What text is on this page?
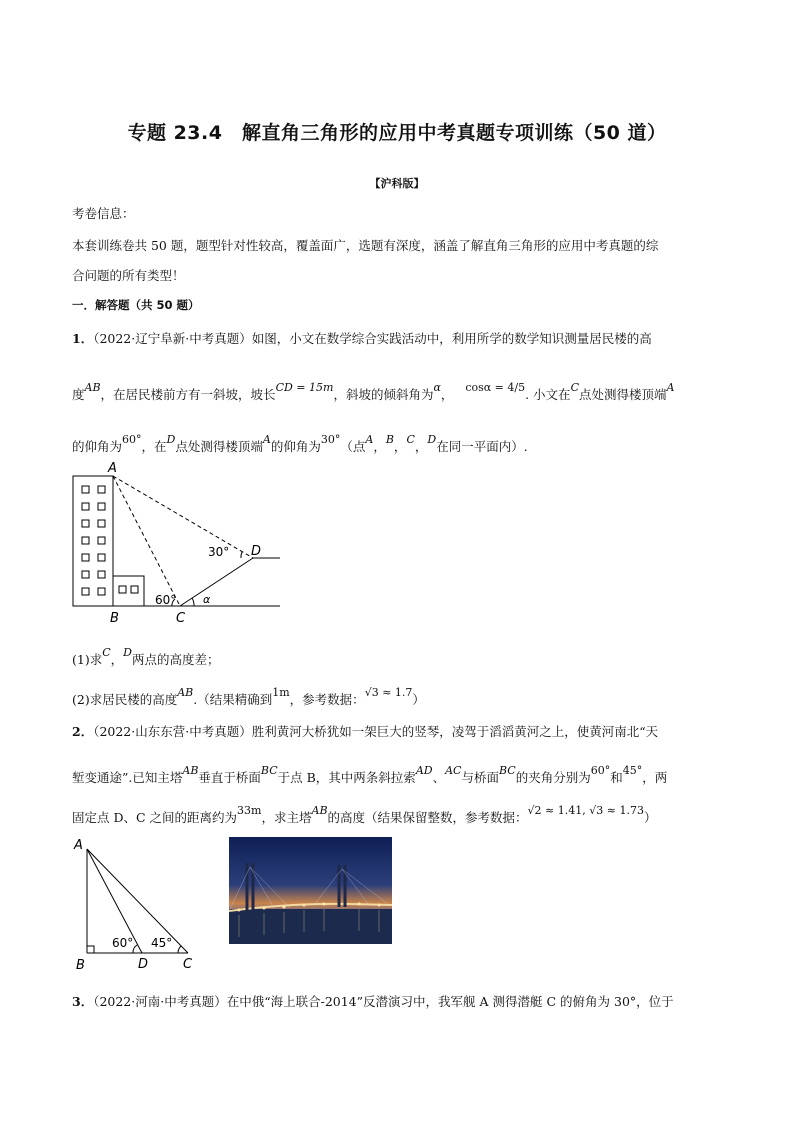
专题 23.4　解直角三角形的应用中考真题专项训练（50 道）
【沪科版】
考卷信息：
本套训练卷共 50 题，题型针对性较高，覆盖面广，选题有深度，涵盖了解直角三角形的应用中考真题的综
合问题的所有类型！
一．解答题（共 50 题）
1．（2022·辽宁阜新·中考真题）如图，小文在数学综合实践活动中，利用所学的数学知识测量居民楼的高
度AB，在居民楼前方有一斜坡，坡长CD = 15m，斜坡的倾斜角为α， cosα = 4/5. 小文在C点处测得楼顶端A
的仰角为60°，在D点处测得楼顶端A的仰角为30°（点A，B，C，D在同一平面内）.
A
B	C
D
α
60°
30°
(1)求C，D两点的高度差；
(2)求居民楼的高度AB.（结果精确到1m，参考数据：√3 ≈ 1.7）
2．（2022·山东东营·中考真题）胜利黄河大桥犹如一架巨大的竖琴，凌驾于滔滔黄河之上，使黄河南北“天
堑变通途”.已知主塔AB垂直于桥面BC于点 B，其中两条斜拉索AD、AC与桥面BC的夹角分别为60°和45°，两
固定点 D、C 之间的距离约为33m，求主塔AB的高度（结果保留整数，参考数据：√2 ≈ 1.41, √3 ≈ 1.73）
A
B	D	C
60° 45°
3．（2022·河南·中考真题）在中俄“海上联合-2014”反潜演习中，我军舰 A 测得潜艇 C 的俯角为 30°，位于
